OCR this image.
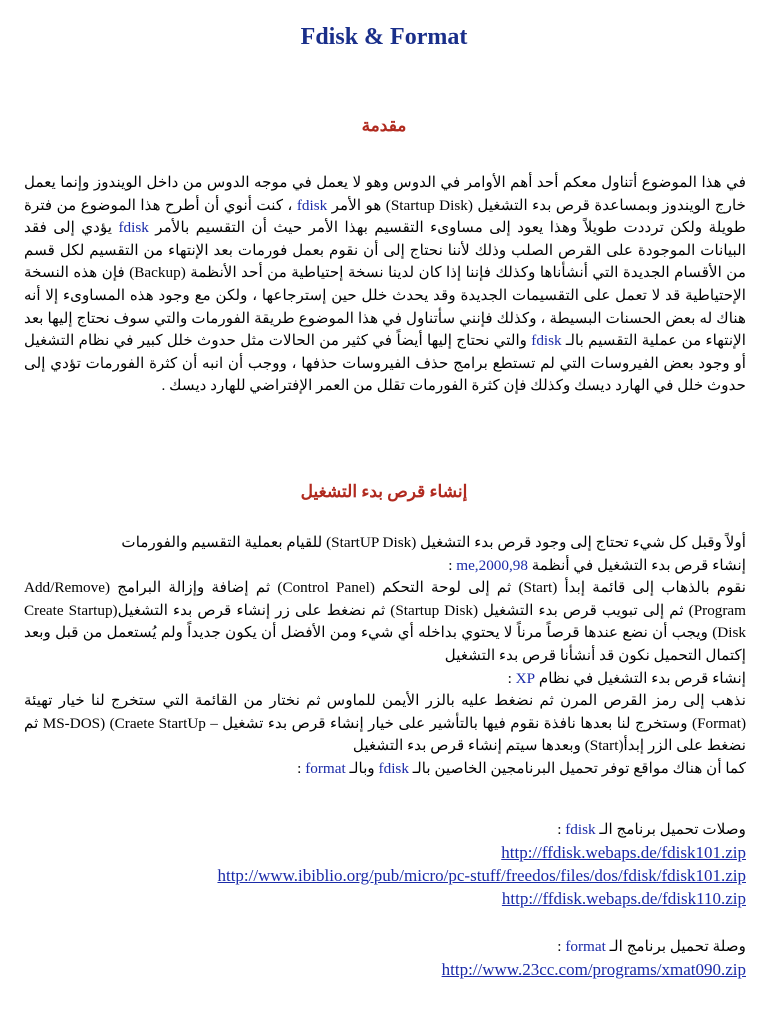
Fdisk & Format
مقدمة

في هذا الموضوع أتناول معكم أحد أهم الأوامر في الدوس وهو لا يعمل في موجه الدوس من داخل الويندوز وإنما يعمل خارج الويندوز وبمساعدة قرص بدء التشغيل (Startup Disk) هو الأمر fdisk ، كنت أنوي أن أطرح هذا الموضوع من فترة طويلة ولكن ترددت طويلاً وهذا يعود إلى مساوىء التقسيم بهذا الأمر حيث أن التقسيم بالأمر fdisk يؤدي إلى فقد البيانات الموجودة على القرص الصلب وذلك لأننا نحتاج إلى أن نقوم بعمل فورمات بعد الإنتهاء من التقسيم لكل قسم من الأقسام الجديدة التي أنشأناها وكذلك فإننا إذا كان لدينا نسخة إحتياطية من أحد الأنظمة (Backup) فإن هذه النسخة الإحتياطية قد لا تعمل على التقسيمات الجديدة وقد يحدث خلل حين إسترجاعها ، ولكن مع وجود هذه المساوىء إلا أنه هناك له بعض الحسنات البسيطة ، وكذلك فإنني سأتناول في هذا الموضوع طريقة الفورمات والتي سوف نحتاج إليها بعد الإنتهاء من عملية التقسيم بالـ fdisk والتي نحتاج إليها أيضاً في كثير من الحالات مثل حدوث خلل كبير في نظام التشغيل أو وجود بعض الفيروسات التي لم تستطع برامج حذف الفيروسات حذفها ، ووجب أن انبه أن كثرة الفورمات تؤدي إلى حدوث خلل في الهارد ديسك وكذلك فإن كثرة الفورمات تقلل من العمر الإفتراضي للهارد ديسك .

إنشاء قرص بدء التشغيل

أولاً وقبل كل شيء تحتاج إلى وجود قرص بدء التشغيل (StartUP Disk) للقيام بعملية التقسيم والفورمات

إنشاء قرص بدء التشغيل في أنظمة 98,me,2000 :

نقوم بالذهاب إلى قائمة إبدأ (Start) ثم إلى لوحة التحكم (Control Panel) ثم إضافة وإزالة البرامج (Add/Remove Program) ثم إلى تبويب قرص بدء التشغيل (Startup Disk) ثم نضغط على زر إنشاء قرص بدء التشغيل(Create Startup Disk) ويجب أن نضع عندها قرصاً مرناً لا يحتوي بداخله أي شيء ومن الأفضل أن يكون جديداً ولم يُستعمل من قبل وبعد إكتمال التحميل نكون قد أنشأنا قرص بدء التشغيل

إنشاء قرص بدء التشغيل في نظام XP :

نذهب إلى رمز القرص المرن ثم نضغط عليه بالزر الأيمن للماوس ثم نختار من القائمة التي ستخرج لنا خيار تهيئة (Format) وستخرج لنا بعدها نافذة نقوم فيها بالتأشير على خيار إنشاء قرص بدء تشغيل – MS-DOS) (Craete StartUp ثم نضغط على الزر إبدأ(Start) وبعدها سيتم إنشاء قرص بدء التشغيل

كما أن هناك مواقع توفر تحميل البرنامجين الخاصين بالـ fdisk وبالـ format :

وصلات تحميل برنامج الـ fdisk :

http://ffdisk.webaps.de/fdisk101.zip
http://www.ibiblio.org/pub/micro/pc-stuff/freedos/files/dos/fdisk/fdisk101.zip
http://ffdisk.webaps.de/fdisk110.zip

وصلة تحميل برنامج الـ format :

http://www.23cc.com/programs/xmat090.zip
